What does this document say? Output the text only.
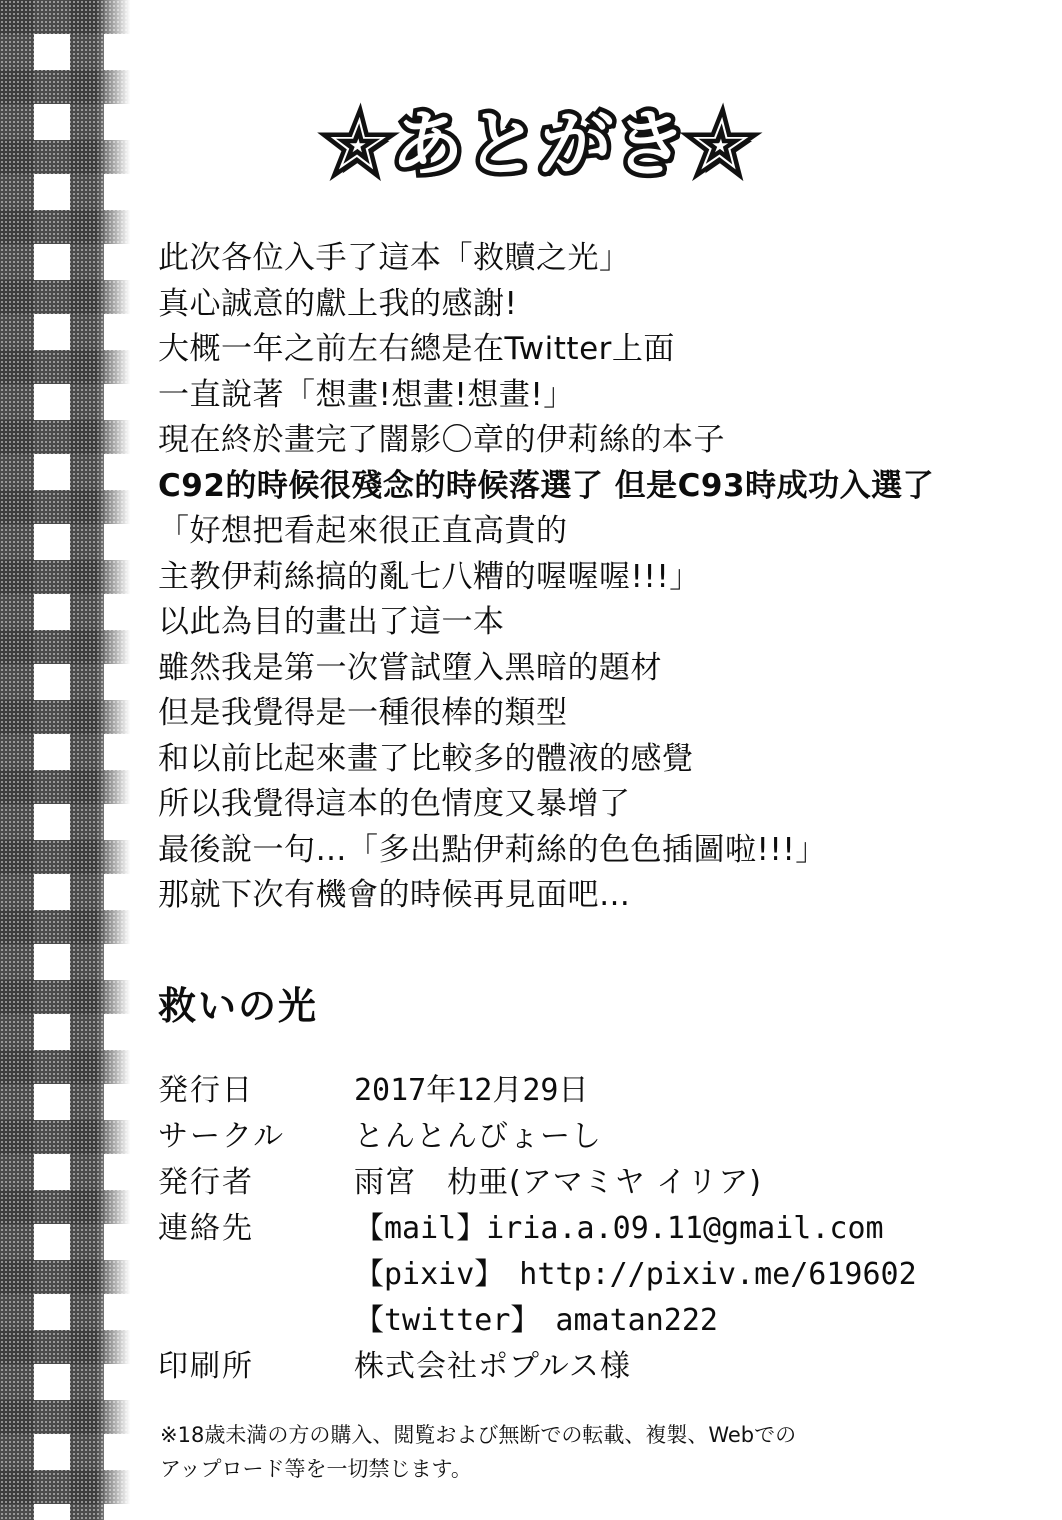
☆あとがき☆
此次各位入手了這本「救贖之光」
真心誠意的獻上我的感謝!
大概一年之前左右總是在Twitter上面
一直說著「想畫!想畫!想畫!」
現在終於畫完了闇影〇章的伊莉絲的本子
C92的時候很殘念的時候落選了 但是C93時成功入選了
「好想把看起來很正直高貴的
主教伊莉絲搞的亂七八糟的喔喔喔!!!」
以此為目的畫出了這一本
雖然我是第一次嘗試墮入黑暗的題材
但是我覺得是一種很棒的類型
和以前比起來畫了比較多的體液的感覺
所以我覺得這本的色情度又暴增了
最後說一句…「多出點伊莉絲的色色插圖啦!!!」
那就下次有機會的時候再見面吧…
救いの光
発行日	2017年12月29日
サークル	とんとんびょーし
発行者	雨宮　朸亜(アマミヤ イリア)
連絡先	【mail】iria.a.09.11@gmail.com
【pixiv】　http://pixiv.me/619602
【twitter】　amatan222
印刷所	株式会社ポプルス様
※18歳未満の方の購入、閲覧および無断での転載、複製、Webでの
アップロード等を一切禁じます。
